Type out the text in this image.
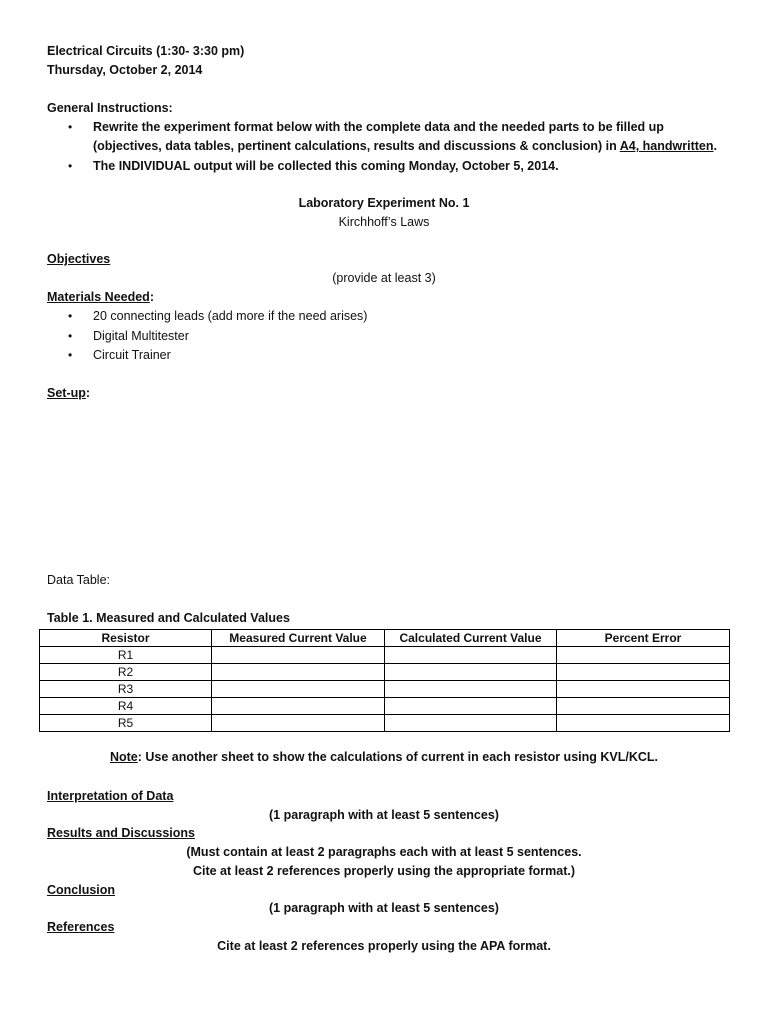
Electrical Circuits (1:30- 3:30 pm)
Thursday, October 2, 2014
General Instructions:
• Rewrite the experiment format below with the complete data and the needed parts to be filled up
(objectives, data tables, pertinent calculations, results and discussions & conclusion) in A4, handwritten.
• The INDIVIDUAL output will be collected this coming Monday, October 5, 2014.
Laboratory Experiment No. 1
Kirchhoff’s Laws
Objectives
(provide at least 3)
Materials Needed:
• 20 connecting leads (add more if the need arises)
• Digital Multitester
• Circuit Trainer
Set-up:
Data Table:
Table 1. Measured and Calculated Values
Resistor	Measured Current Value	Calculated Current Value	Percent Error
R1			
R2			
R3			
R4			
R5			
Note: Use another sheet to show the calculations of current in each resistor using KVL/KCL.
Interpretation of Data
(1 paragraph with at least 5 sentences)
Results and Discussions
(Must contain at least 2 paragraphs each with at least 5 sentences.
Cite at least 2 references properly using the appropriate format.)
Conclusion
(1 paragraph with at least 5 sentences)
References
Cite at least 2 references properly using the APA format.
